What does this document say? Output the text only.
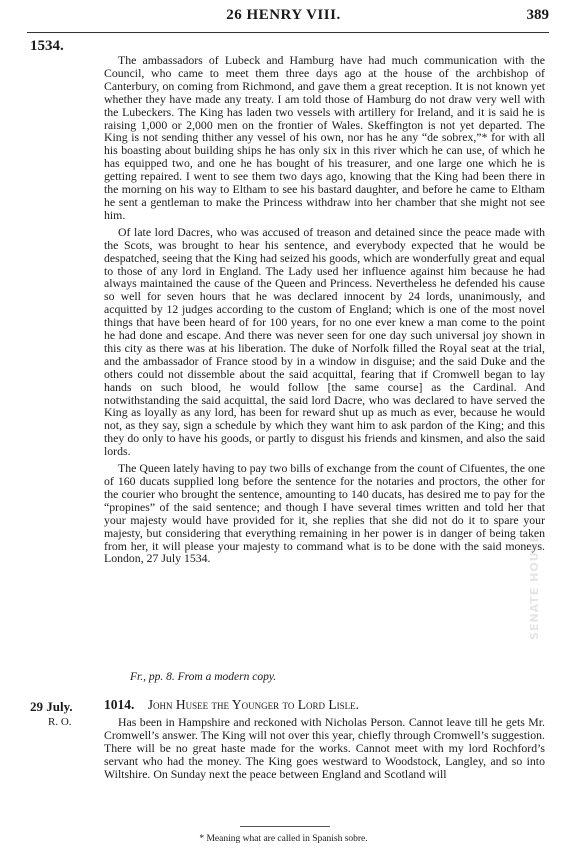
26 HENRY VIII.	389
1534.

The ambassadors of Lubeck and Hamburg have had much communication with the Council, who came to meet them three days ago at the house of the archbishop of Canterbury, on coming from Richmond, and gave them a great reception. It is not known yet whether they have made any treaty. I am told those of Hamburg do not draw very well with the Lubeckers. The King has laden two vessels with artillery for Ireland, and it is said he is raising 1,000 or 2,000 men on the frontier of Wales. Skeffington is not yet departed. The King is not sending thither any vessel of his own, nor has he any “de sobrex,”* for with all his boasting about building ships he has only six in this river which he can use, of which he has equipped two, and one he has bought of his treasurer, and one large one which he is getting repaired. I went to see them two days ago, knowing that the King had been there in the morning on his way to Eltham to see his bastard daughter, and before he came to Eltham he sent a gentleman to make the Princess withdraw into her chamber that she might not see him.

Of late lord Dacres, who was accused of treason and detained since the peace made with the Scots, was brought to hear his sentence, and everybody expected that he would be despatched, seeing that the King had seized his goods, which are wonderfully great and equal to those of any lord in England. The Lady used her influence against him because he had always maintained the cause of the Queen and Princess. Nevertheless he defended his cause so well for seven hours that he was declared innocent by 24 lords, unanimously, and acquitted by 12 judges according to the custom of England; which is one of the most novel things that have been heard of for 100 years, for no one ever knew a man come to the point he had done and escape. And there was never seen for one day such universal joy shown in this city as there was at his liberation. The duke of Norfolk filled the Royal seat at the trial, and the ambassador of France stood by in a window in disguise; and the said Duke and the others could not dissemble about the said acquittal, fearing that if Cromwell began to lay hands on such blood, he would follow [the same course] as the Cardinal. And notwithstanding the said acquittal, the said lord Dacre, who was declared to have served the King as loyally as any lord, has been for reward shut up as much as ever, because he would not, as they say, sign a schedule by which they want him to ask pardon of the King; and this they do only to have his goods, or partly to disgust his friends and kinsmen, and also the said lords.

The Queen lately having to pay two bills of exchange from the count of Cifuentes, the one of 160 ducats supplied long before the sentence for the notaries and proctors, the other for the courier who brought the sentence, amounting to 140 ducats, has desired me to pay for the “propines” of the said sentence; and though I have several times written and told her that your majesty would have provided for it, she replies that she did not do it to spare your majesty, but considering that everything remaining in her power is in danger of being taken from her, it will please your majesty to command what is to be done with the said moneys. London, 27 July 1534.

Fr., pp. 8. From a modern copy.
29 July.
R. O.
1014. John Husee the Younger to Lord Lisle.

Has been in Hampshire and reckoned with Nicholas Person. Cannot leave till he gets Mr. Cromwell’s answer. The King will not over this year, chiefly through Cromwell’s suggestion. There will be no great haste made for the works. Cannot meet with my lord Rochford’s servant who had the money. The King goes westward to Woodstock, Langley, and so into Wiltshire. On Sunday next the peace between England and Scotland will

* Meaning what are called in Spanish sobre.
SENATE HOUSE
